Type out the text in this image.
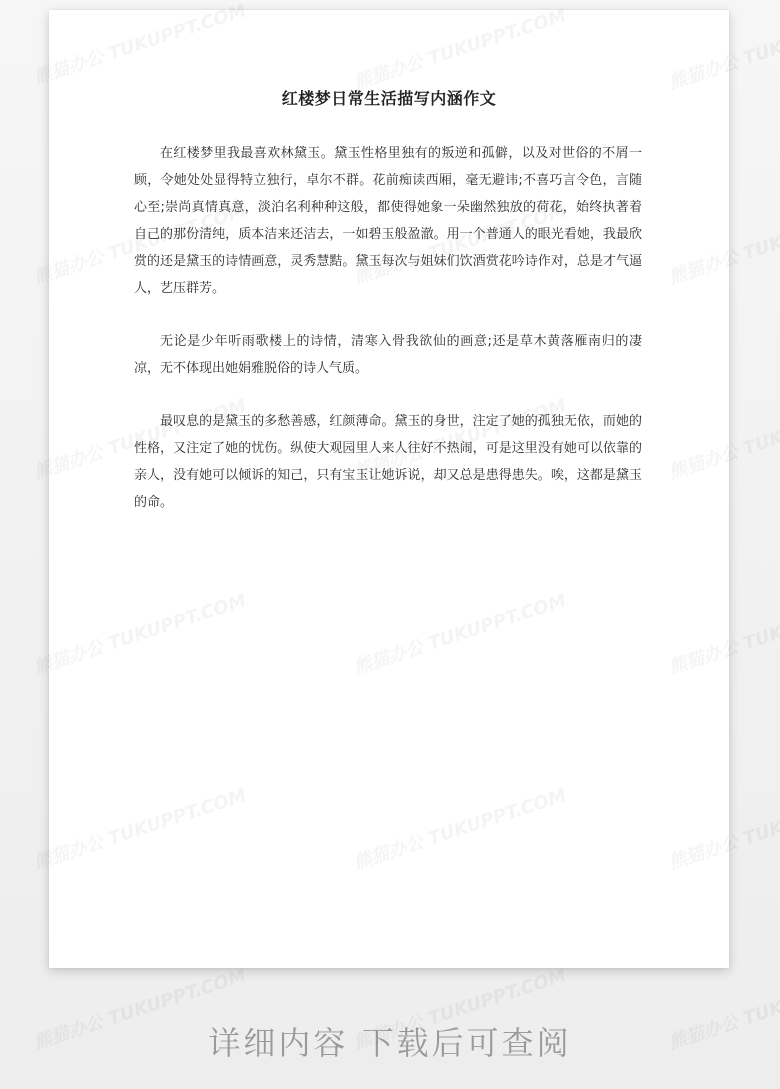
红楼梦日常生活描写内涵作文

在红楼梦里我最喜欢林黛玉。黛玉性格里独有的叛逆和孤僻，以及对世俗的不屑一顾，令她处处显得特立独行，卓尔不群。花前痴读西厢，毫无避讳;不喜巧言令色，言随心至;崇尚真情真意，淡泊名利种种这般，都使得她象一朵幽然独放的荷花，始终执著着自己的那份清纯，质本洁来还洁去，一如碧玉般盈澈。用一个普通人的眼光看她，我最欣赏的还是黛玉的诗情画意，灵秀慧黠。黛玉每次与姐妹们饮酒赏花吟诗作对，总是才气逼人，艺压群芳。

无论是少年听雨歌楼上的诗情，清寒入骨我欲仙的画意;还是草木黄落雁南归的凄凉，无不体现出她娟雅脱俗的诗人气质。

最叹息的是黛玉的多愁善感，红颜薄命。黛玉的身世，注定了她的孤独无依，而她的性格，又注定了她的忧伤。纵使大观园里人来人往好不热闹，可是这里没有她可以依靠的亲人，没有她可以倾诉的知己，只有宝玉让她诉说，却又总是患得患失。唉，这都是黛玉的命。

详细内容 下载后可查阅
